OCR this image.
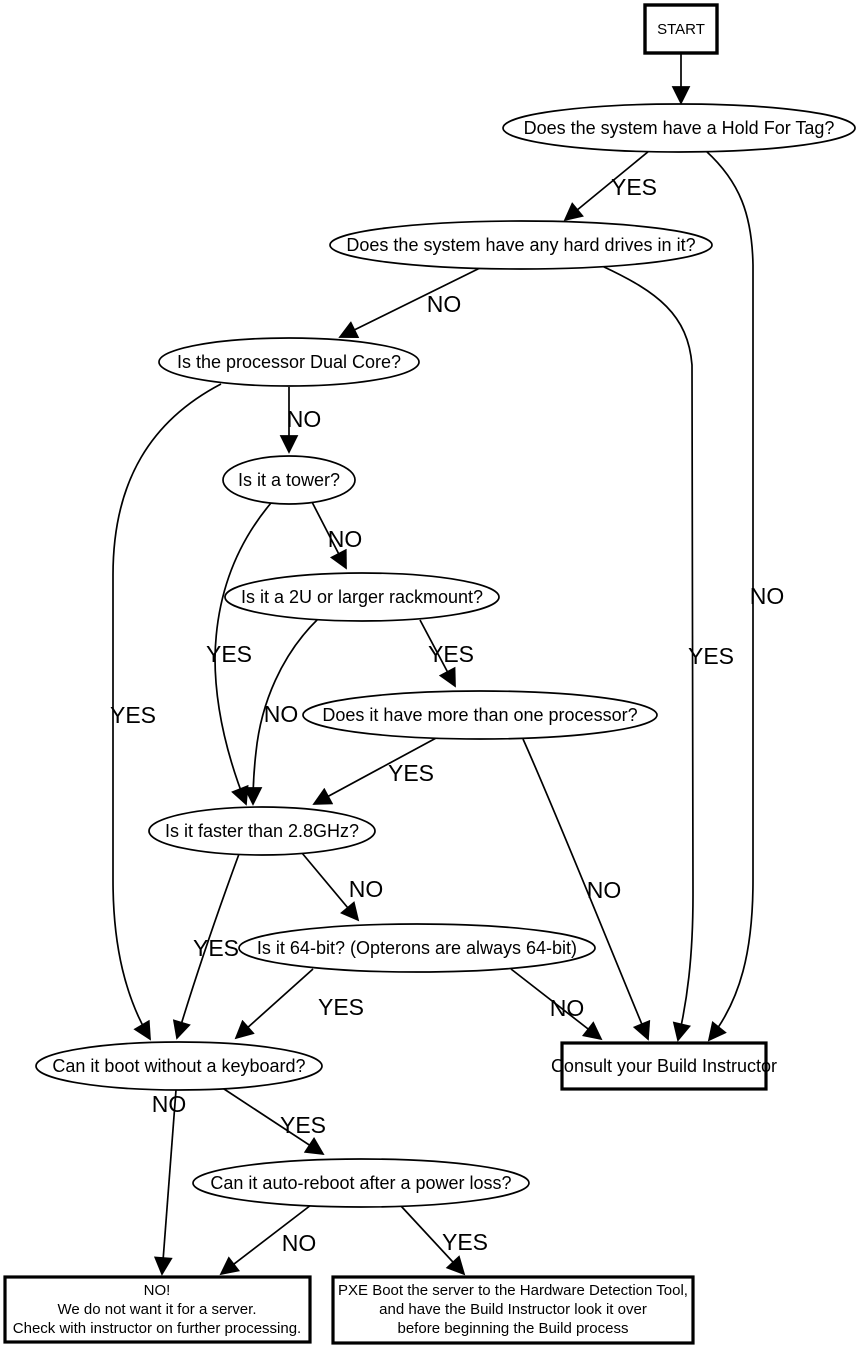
YES
NO
NO
YES
NO
YES
NO
YES
NO
YES
YES
NO
NO
YES
YES	NO
NO
YES
NO	YES
START
Does the system have a Hold For Tag?
Does the system have any hard drives in it?
Is the processor Dual Core?
Is it a tower?
Is it a 2U or larger rackmount?
Does it have more than one processor?
Is it faster than 2.8GHz?
Is it 64-bit? (Opterons are always 64-bit)
Can it boot without a keyboard?	Consult your Build Instructor
Can it auto-reboot after a power loss?
NO!
We do not want it for a server.
Check with instructor on further processing.
PXE Boot the server to the Hardware Detection Tool,
and have the Build Instructor look it over
before beginning the Build process
